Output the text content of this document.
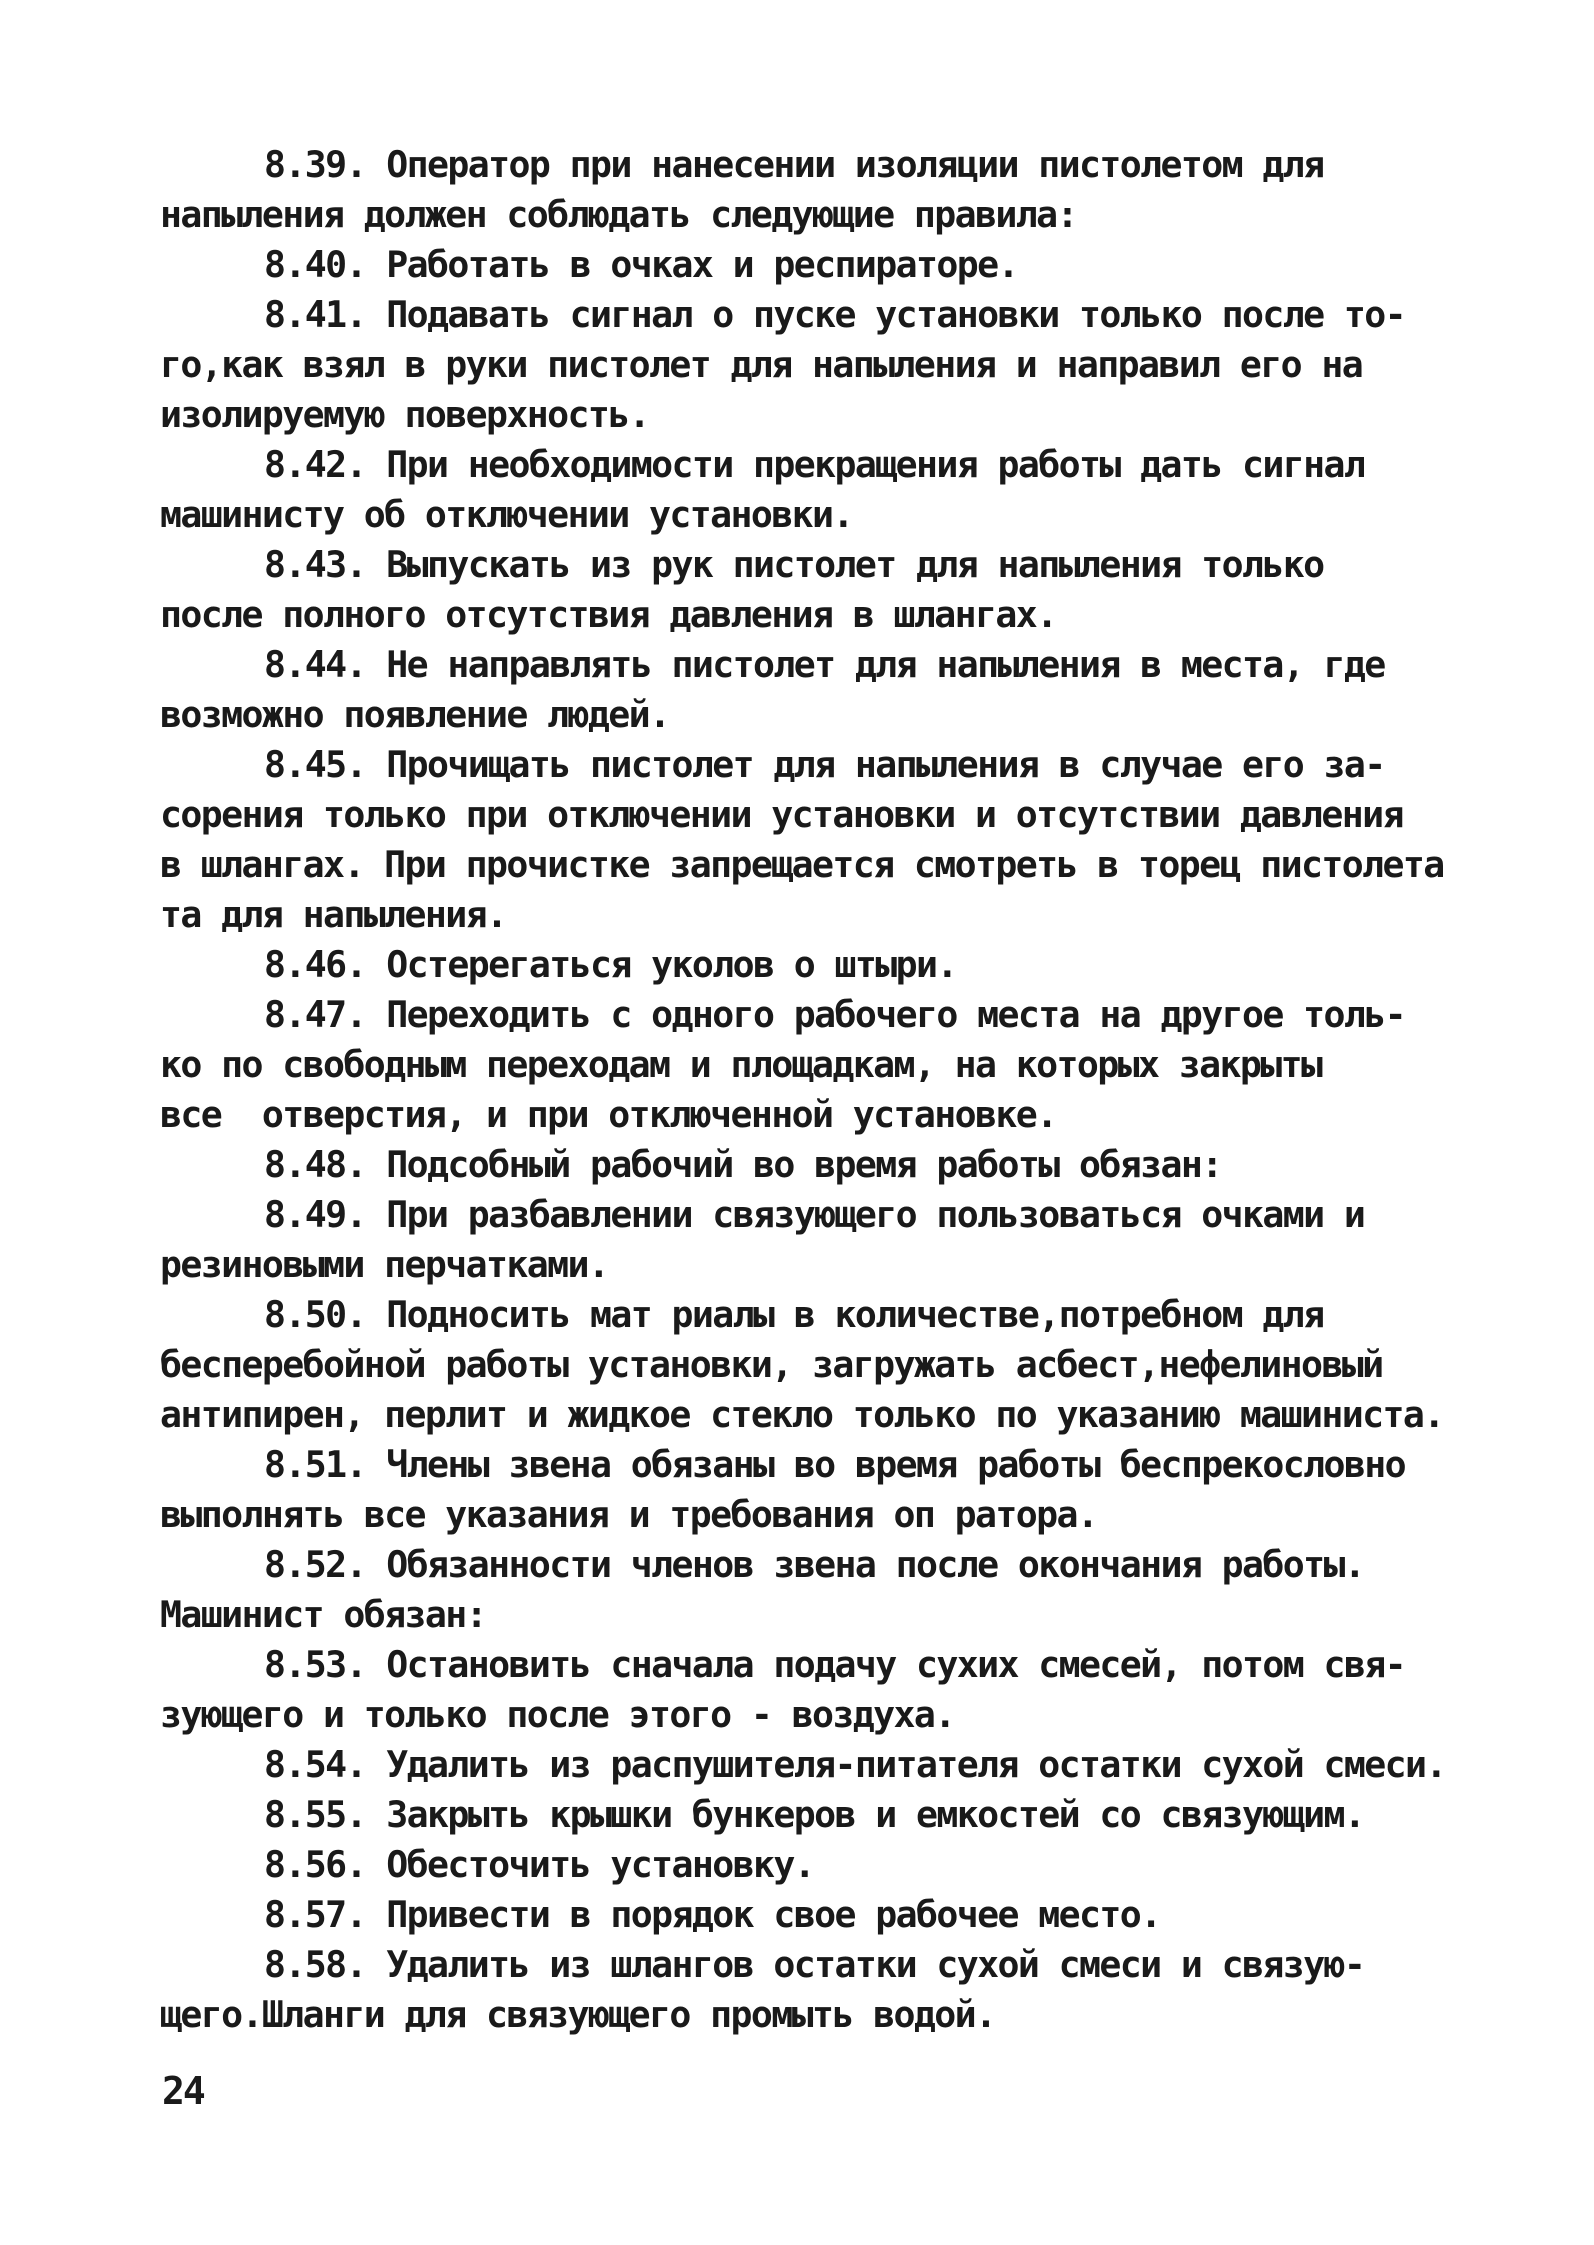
8.39. Оператор при нанесении изоляции пистолетом для
напыления должен соблюдать следующие правила:
8.40. Работать в очках и респираторе.
8.41. Подавать сигнал о пуске установки только после то-
го,как взял в руки пистолет для напыления и направил его на
изолируемую поверхность.
8.42. При необходимости прекращения работы дать сигнал
машинисту об отключении установки.
8.43. Выпускать из рук пистолет для напыления только
после полного отсутствия давления в шлангах.
8.44. Не направлять пистолет для напыления в места, где
возможно появление людей.
8.45. Прочищать пистолет для напыления в случае его за-
сорения только при отключении установки и отсутствии давления
в шлангах. При прочистке запрещается смотреть в торец пистолета
та для напыления.
8.46. Остерегаться уколов о штыри.
8.47. Переходить с одного рабочего места на другое толь-
ко по свободным переходам и площадкам, на которых закрыты
все  отверстия, и при отключенной установке.
8.48. Подсобный рабочий во время работы обязан:
8.49. При разбавлении связующего пользоваться очками и
резиновыми перчатками.
8.50. Подносить мат риалы в количестве,потребном для
бесперебойной работы установки, загружать асбест,нефелиновый
антипирен, перлит и жидкое стекло только по указанию машиниста.
8.51. Члены звена обязаны во время работы беспрекословно
выполнять все указания и требования оп ратора.
8.52. Обязанности членов звена после окончания работы.
Машинист обязан:
8.53. Остановить сначала подачу сухих смесей, потом свя-
зующего и только после этого - воздуха.
8.54. Удалить из распушителя-питателя остатки сухой смеси.
8.55. Закрыть крышки бункеров и емкостей со связующим.
8.56. Обесточить установку.
8.57. Привести в порядок свое рабочее место.
8.58. Удалить из шлангов остатки сухой смеси и связую-
щего.Шланги для связующего промыть водой.
24
